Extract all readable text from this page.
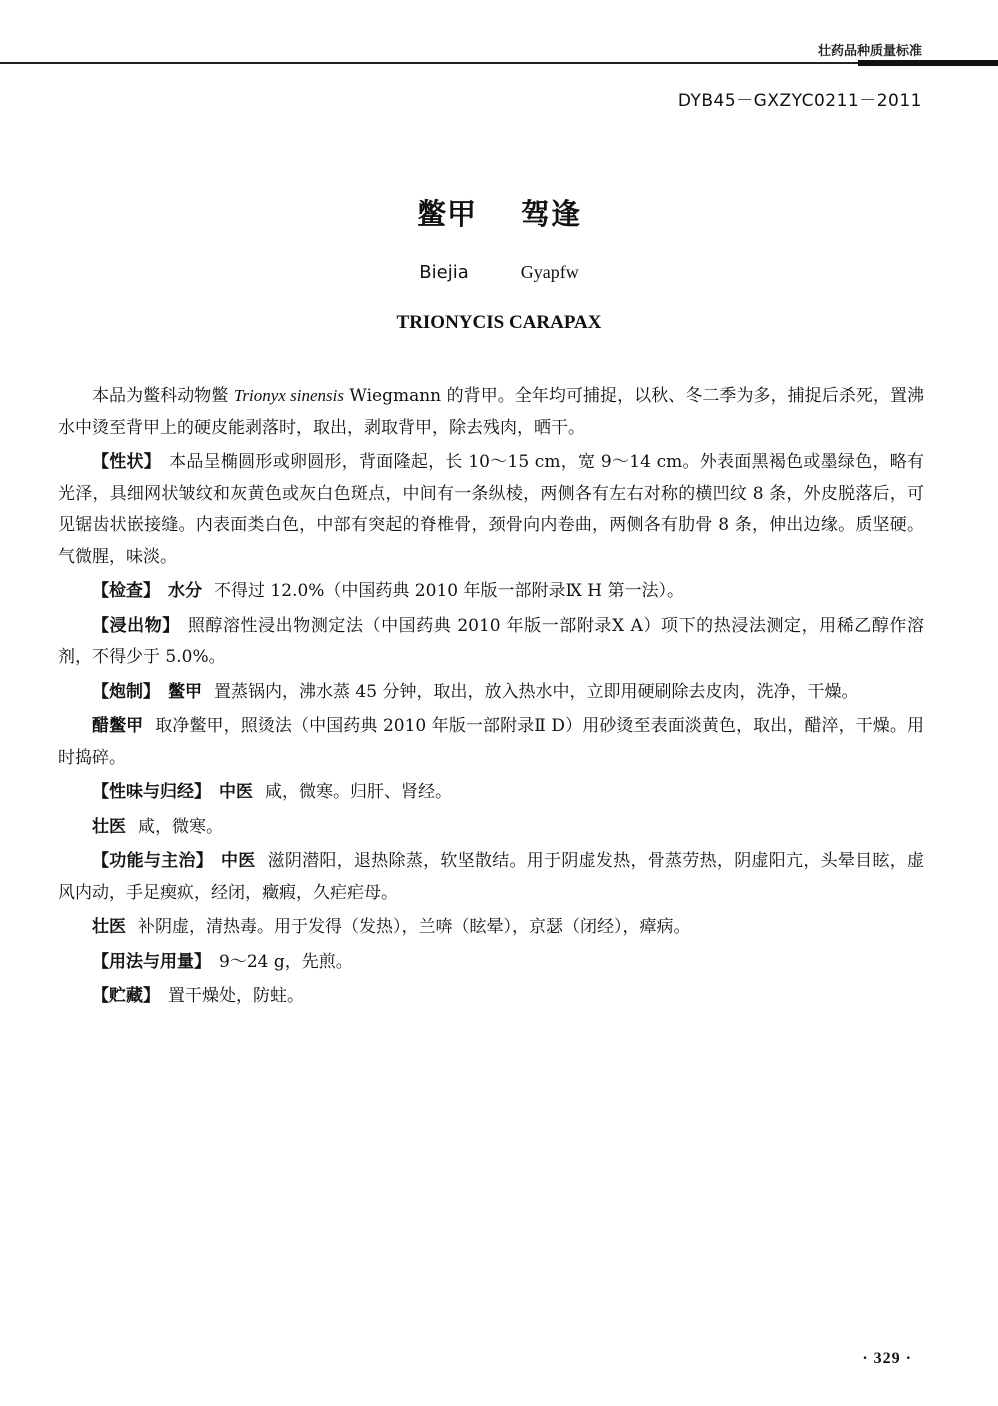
壮药品种质量标准
DYB45－GXZYC0211－2011
鳖甲 驾逢
Biejia	Gyapfw
TRIONYCIS CARAPAX

本品为鳖科动物鳖 Trionyx sinensis Wiegmann 的背甲。全年均可捕捉，以秋、冬二季为多，捕捉后杀死，置沸水中烫至背甲上的硬皮能剥落时，取出，剥取背甲，除去残肉，晒干。

【性状】 本品呈椭圆形或卵圆形，背面隆起，长 10～15 cm，宽 9～14 cm。外表面黑褐色或墨绿色，略有光泽，具细网状皱纹和灰黄色或灰白色斑点，中间有一条纵棱，两侧各有左右对称的横凹纹 8 条，外皮脱落后，可见锯齿状嵌接缝。内表面类白色，中部有突起的脊椎骨，颈骨向内卷曲，两侧各有肋骨 8 条，伸出边缘。质坚硬。气微腥，味淡。

【检查】 水分 不得过 12.0%（中国药典 2010 年版一部附录Ⅸ H 第一法）。

【浸出物】 照醇溶性浸出物测定法（中国药典 2010 年版一部附录Ⅹ A）项下的热浸法测定，用稀乙醇作溶剂，不得少于 5.0%。

【炮制】 鳖甲 置蒸锅内，沸水蒸 45 分钟，取出，放入热水中，立即用硬刷除去皮肉，洗净，干燥。

醋鳖甲 取净鳖甲，照烫法（中国药典 2010 年版一部附录Ⅱ D）用砂烫至表面淡黄色，取出，醋淬，干燥。用时捣碎。

【性味与归经】 中医 咸，微寒。归肝、肾经。

壮医 咸，微寒。

【功能与主治】 中医 滋阴潜阳，退热除蒸，软坚散结。用于阴虚发热，骨蒸劳热，阴虚阳亢，头晕目眩，虚风内动，手足瘈疭，经闭，癥瘕，久疟疟母。

壮医 补阴虚，清热毒。用于发得（发热），兰喯（眩晕），京瑟（闭经），瘴病。

【用法与用量】 9～24 g，先煎。

【贮藏】 置干燥处，防蛀。

· 329 ·
